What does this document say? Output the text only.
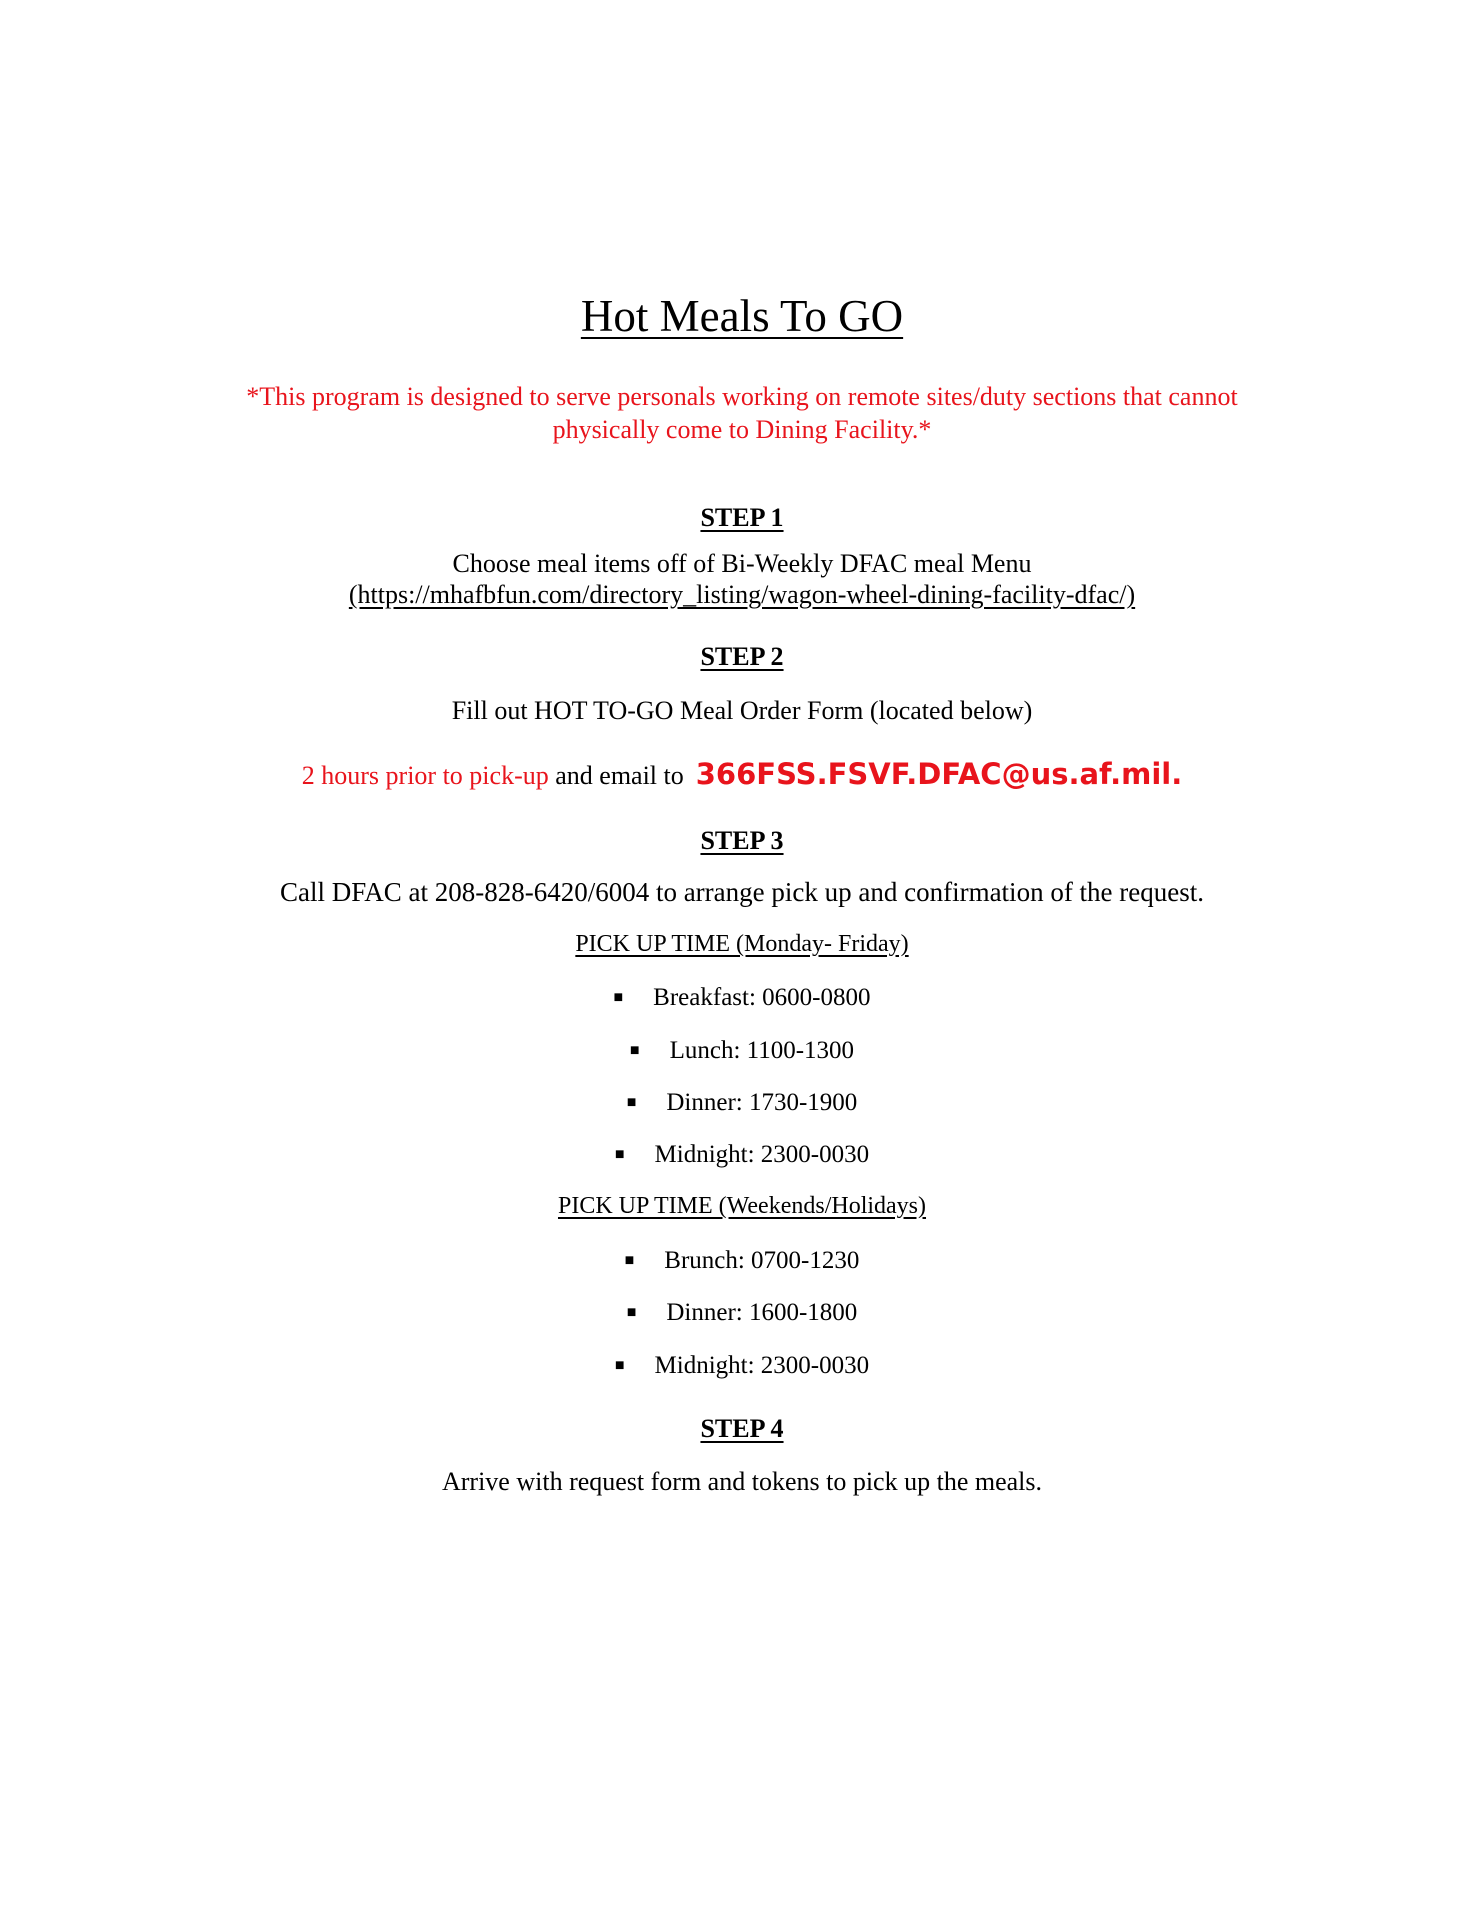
Hot Meals To GO
*This program is designed to serve personals working on remote sites/duty sections that cannot
physically come to Dining Facility.*
STEP 1
Choose meal items off of Bi-Weekly DFAC meal Menu
(https://mhafbfun.com/directory_listing/wagon-wheel-dining-facility-dfac/)
STEP 2
Fill out HOT TO-GO Meal Order Form (located below)
2 hours prior to pick-up and email to 366FSS.FSVF.DFAC@us.af.mil.
STEP 3
Call DFAC at 208-828-6420/6004 to arrange pick up and confirmation of the request.
PICK UP TIME (Monday- Friday)
■ Breakfast: 0600-0800
■ Lunch: 1100-1300
■ Dinner: 1730-1900
■ Midnight: 2300-0030
PICK UP TIME (Weekends/Holidays)
■ Brunch: 0700-1230
■ Dinner: 1600-1800
■ Midnight: 2300-0030
STEP 4
Arrive with request form and tokens to pick up the meals.
